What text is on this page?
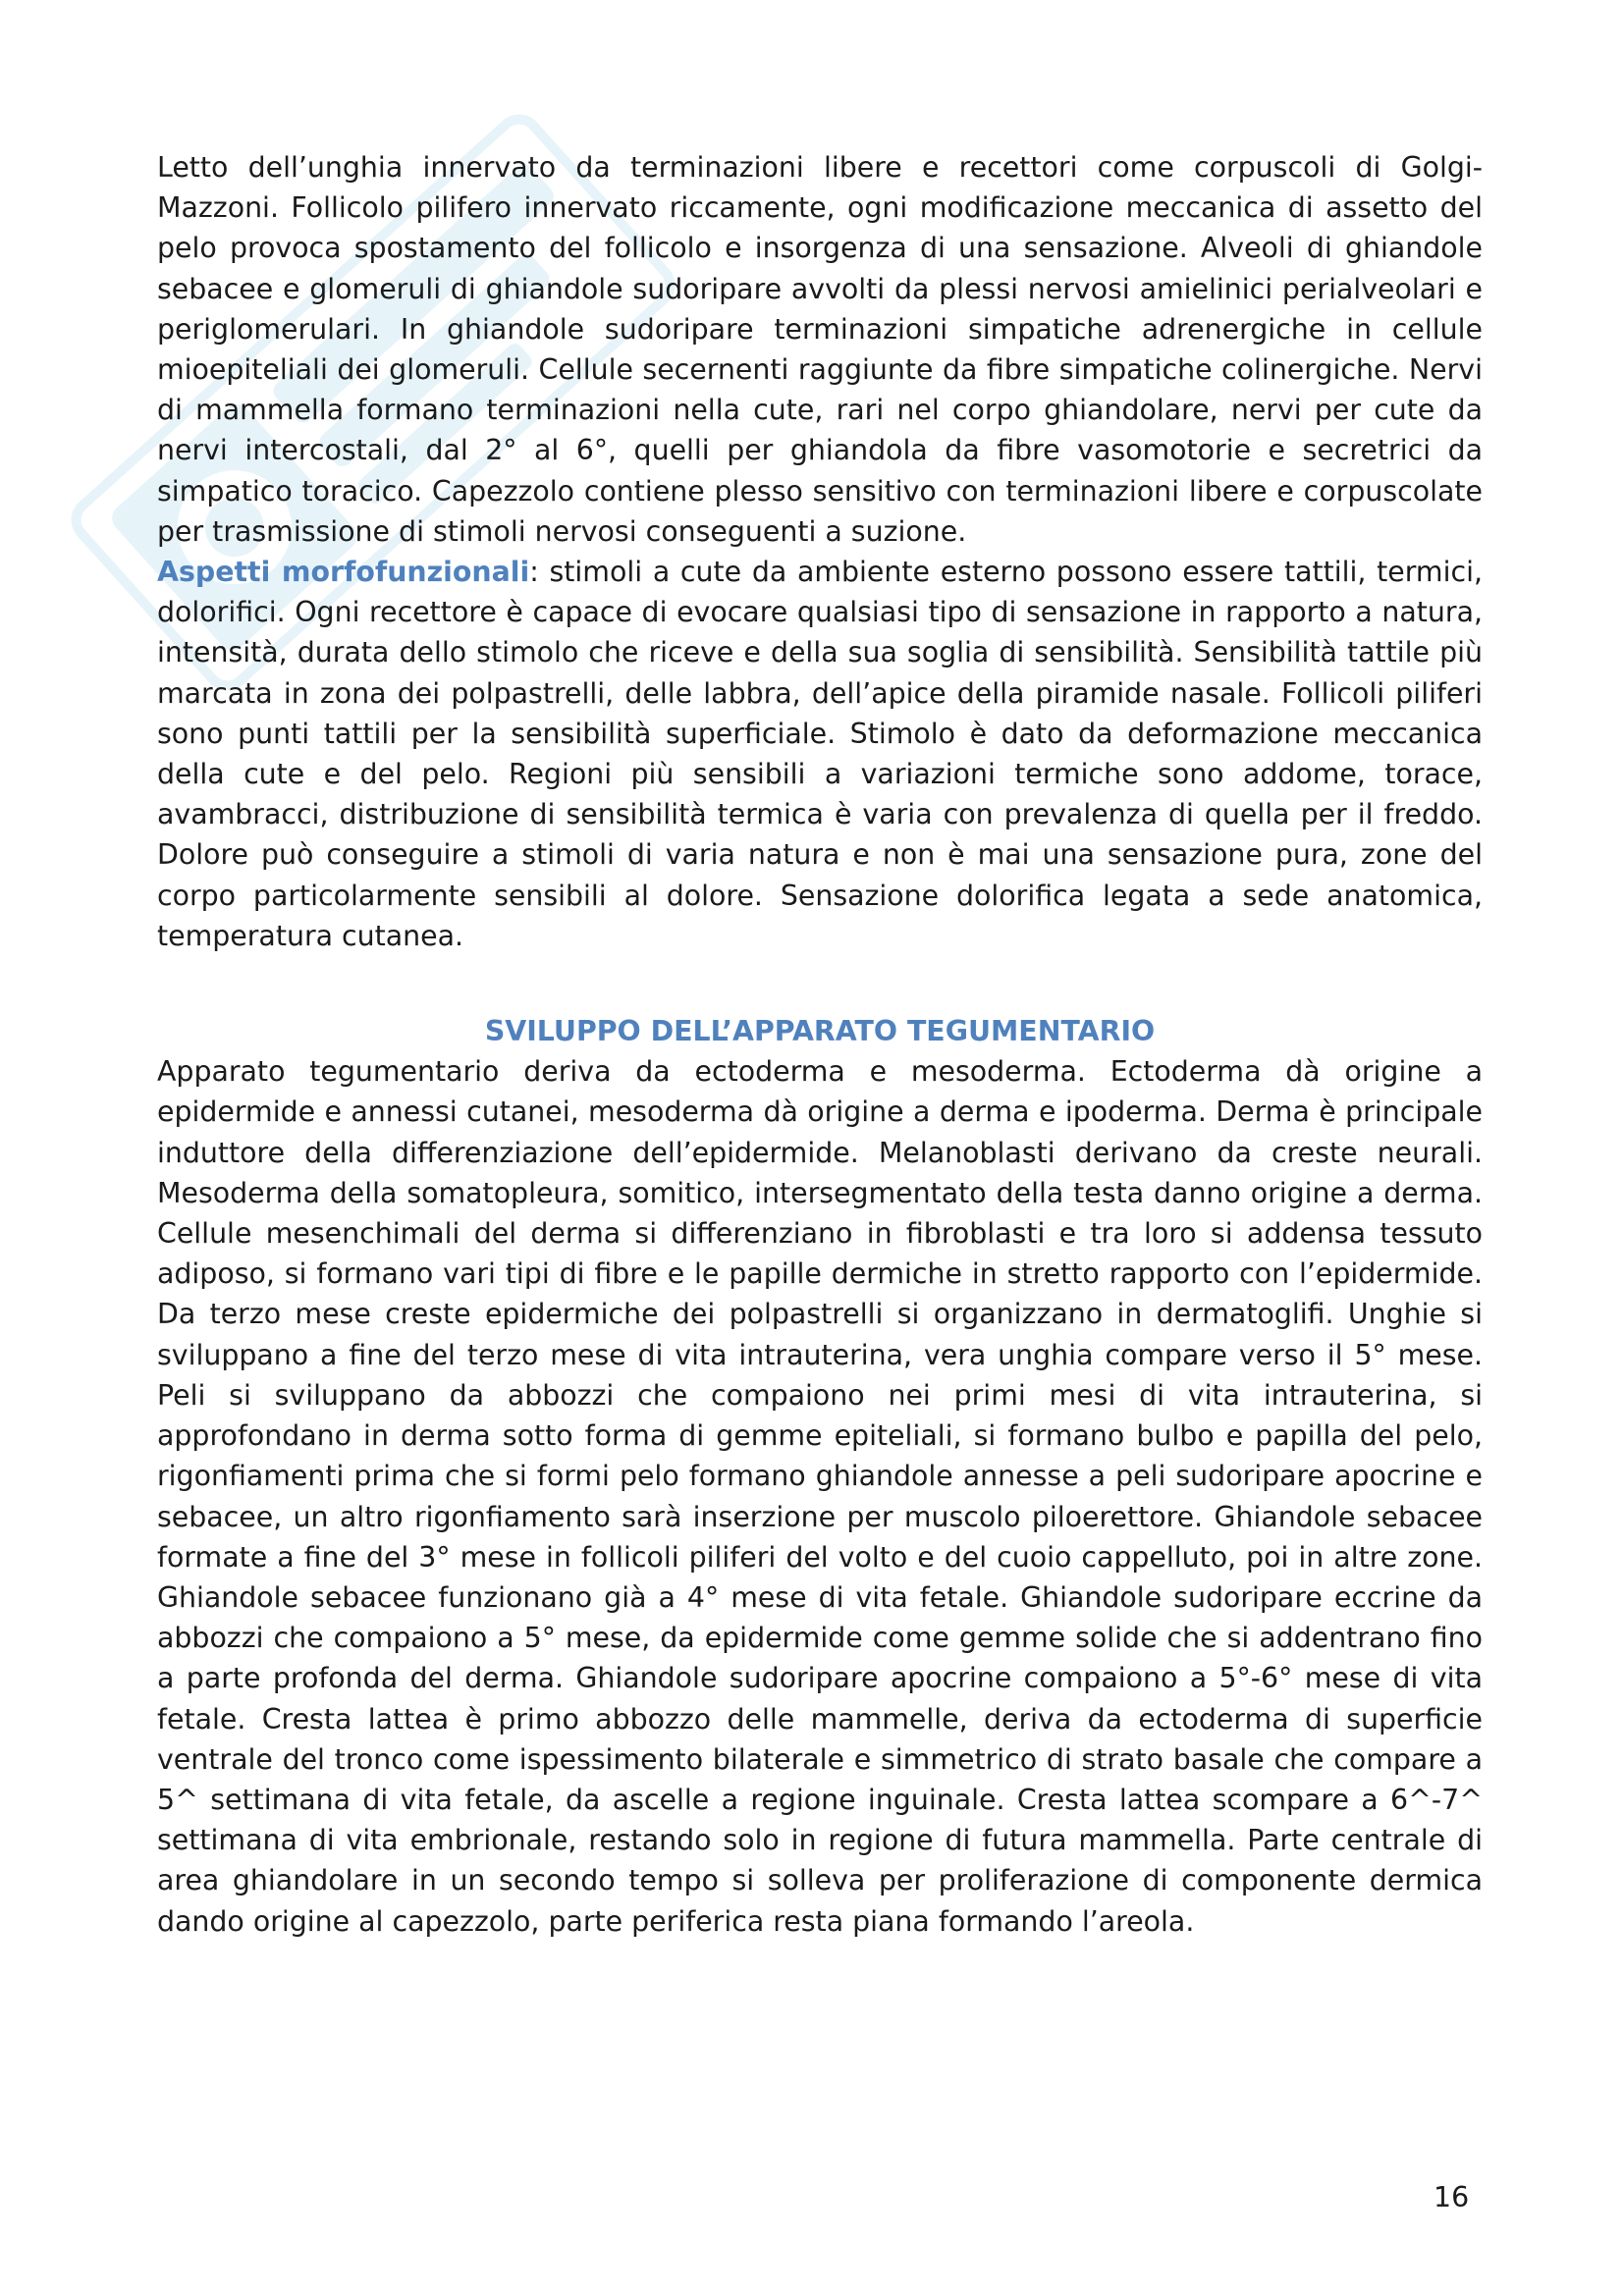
Letto dell’unghia innervato da terminazioni libere e recettori come corpuscoli di Golgi-Mazzoni. Follicolo pilifero innervato riccamente, ogni modificazione meccanica di assetto del pelo provoca spostamento del follicolo e insorgenza di una sensazione. Alveoli di ghiandole sebacee e glomeruli di ghiandole sudoripare avvolti da plessi nervosi amielinici perialveolari e periglomerulari. In ghiandole sudoripare terminazioni simpatiche adrenergiche in cellule mioepiteliali dei glomeruli. Cellule secernenti raggiunte da fibre simpatiche colinergiche. Nervi di mammella formano terminazioni nella cute, rari nel corpo ghiandolare, nervi per cute da nervi intercostali, dal 2° al 6°, quelli per ghiandola da fibre vasomotorie e secretrici da simpatico toracico. Capezzolo contiene plesso sensitivo con terminazioni libere e corpuscolate per trasmissione di stimoli nervosi conseguenti a suzione.

Aspetti morfofunzionali: stimoli a cute da ambiente esterno possono essere tattili, termici, dolorifici. Ogni recettore è capace di evocare qualsiasi tipo di sensazione in rapporto a natura, intensità, durata dello stimolo che riceve e della sua soglia di sensibilità. Sensibilità tattile più marcata in zona dei polpastrelli, delle labbra, dell’apice della piramide nasale. Follicoli piliferi sono punti tattili per la sensibilità superficiale. Stimolo è dato da deformazione meccanica della cute e del pelo. Regioni più sensibili a variazioni termiche sono addome, torace, avambracci, distribuzione di sensibilità termica è varia con prevalenza di quella per il freddo. Dolore può conseguire a stimoli di varia natura e non è mai una sensazione pura, zone del corpo particolarmente sensibili al dolore. Sensazione dolorifica legata a sede anatomica, temperatura cutanea.

SVILUPPO DELL’APPARATO TEGUMENTARIO

Apparato tegumentario deriva da ectoderma e mesoderma. Ectoderma dà origine a epidermide e annessi cutanei, mesoderma dà origine a derma e ipoderma. Derma è principale induttore della differenziazione dell’epidermide. Melanoblasti derivano da creste neurali. Mesoderma della somatopleura, somitico, intersegmentato della testa danno origine a derma. Cellule mesenchimali del derma si differenziano in fibroblasti e tra loro si addensa tessuto adiposo, si formano vari tipi di fibre e le papille dermiche in stretto rapporto con l’epidermide. Da terzo mese creste epidermiche dei polpastrelli si organizzano in dermatoglifi. Unghie si sviluppano a fine del terzo mese di vita intrauterina, vera unghia compare verso il 5° mese. Peli si sviluppano da abbozzi che compaiono nei primi mesi di vita intrauterina, si approfondano in derma sotto forma di gemme epiteliali, si formano bulbo e papilla del pelo, rigonfiamenti prima che si formi pelo formano ghiandole annesse a peli sudoripare apocrine e sebacee, un altro rigonfiamento sarà inserzione per muscolo piloerettore. Ghiandole sebacee formate a fine del 3° mese in follicoli piliferi del volto e del cuoio cappelluto, poi in altre zone. Ghiandole sebacee funzionano già a 4° mese di vita fetale. Ghiandole sudoripare eccrine da abbozzi che compaiono a 5° mese, da epidermide come gemme solide che si addentrano fino a parte profonda del derma. Ghiandole sudoripare apocrine compaiono a 5°-6° mese di vita fetale. Cresta lattea è primo abbozzo delle mammelle, deriva da ectoderma di superficie ventrale del tronco come ispessimento bilaterale e simmetrico di strato basale che compare a 5^ settimana di vita fetale, da ascelle a regione inguinale. Cresta lattea scompare a 6^-7^ settimana di vita embrionale, restando solo in regione di futura mammella. Parte centrale di area ghiandolare in un secondo tempo si solleva per proliferazione di componente dermica dando origine al capezzolo, parte periferica resta piana formando l’areola.

16
